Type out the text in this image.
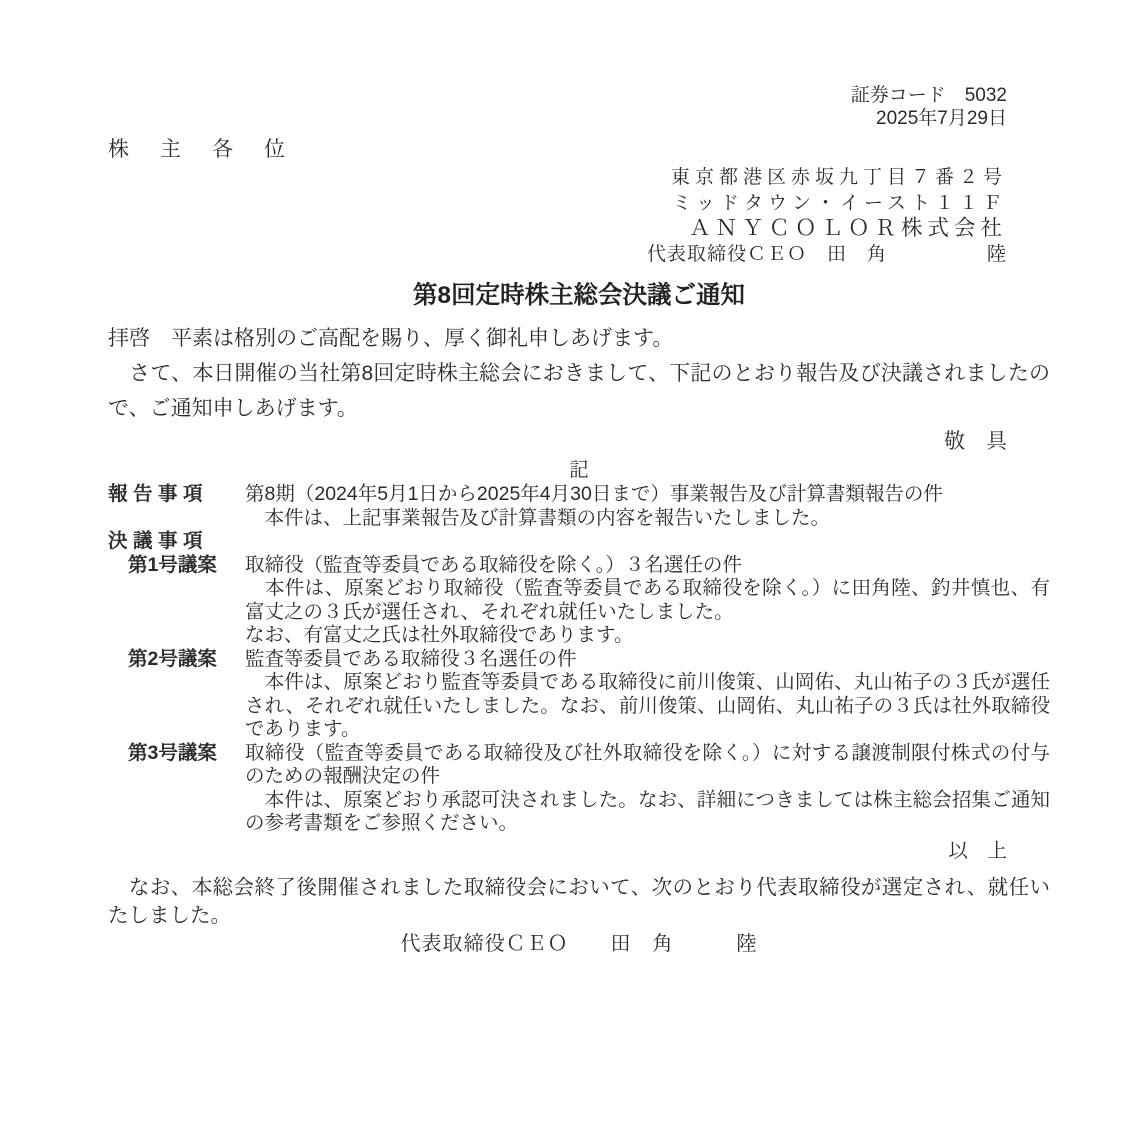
証券コード　5032
2025年7月29日
株主各位
東京都港区赤坂九丁目７番２号
ミッドタウン・イースト１１Ｆ
ＡＮＹＣＯＬＯＲ株式会社
代表取締役ＣＥＯ　田　角　　　　　陸
第8回定時株主総会決議ご通知

拝啓　平素は格別のご高配を賜り、厚く御礼申しあげます。

　さて、本日開催の当社第8回定時株主総会におきまして、下記のとおり報告及び決議されましたので、ご通知申しあげます。

敬　具
記
報告事項	第8期（2024年5月1日から2025年4月30日まで）事業報告及び計算書類報告の件
　本件は、上記事業報告及び計算書類の内容を報告いたしました。
決議事項
第1号議案	取締役（監査等委員である取締役を除く。）３名選任の件
　本件は、原案どおり取締役（監査等委員である取締役を除く。）に田角陸、釣井慎也、有富丈之の３氏が選任され、それぞれ就任いたしました。
なお、有富丈之氏は社外取締役であります。
第2号議案	監査等委員である取締役３名選任の件
　本件は、原案どおり監査等委員である取締役に前川俊策、山岡佑、丸山祐子の３氏が選任され、それぞれ就任いたしました。なお、前川俊策、山岡佑、丸山祐子の３氏は社外取締役であります。
第3号議案	取締役（監査等委員である取締役及び社外取締役を除く。）に対する譲渡制限付株式の付与のための報酬決定の件
　本件は、原案どおり承認可決されました。なお、詳細につきましては株主総会招集ご通知の参考書類をご参照ください。
以　上

　なお、本総会終了後開催されました取締役会において、次のとおり代表取締役が選定され、就任いたしました。

代表取締役ＣＥＯ　　田　角　　　陸
